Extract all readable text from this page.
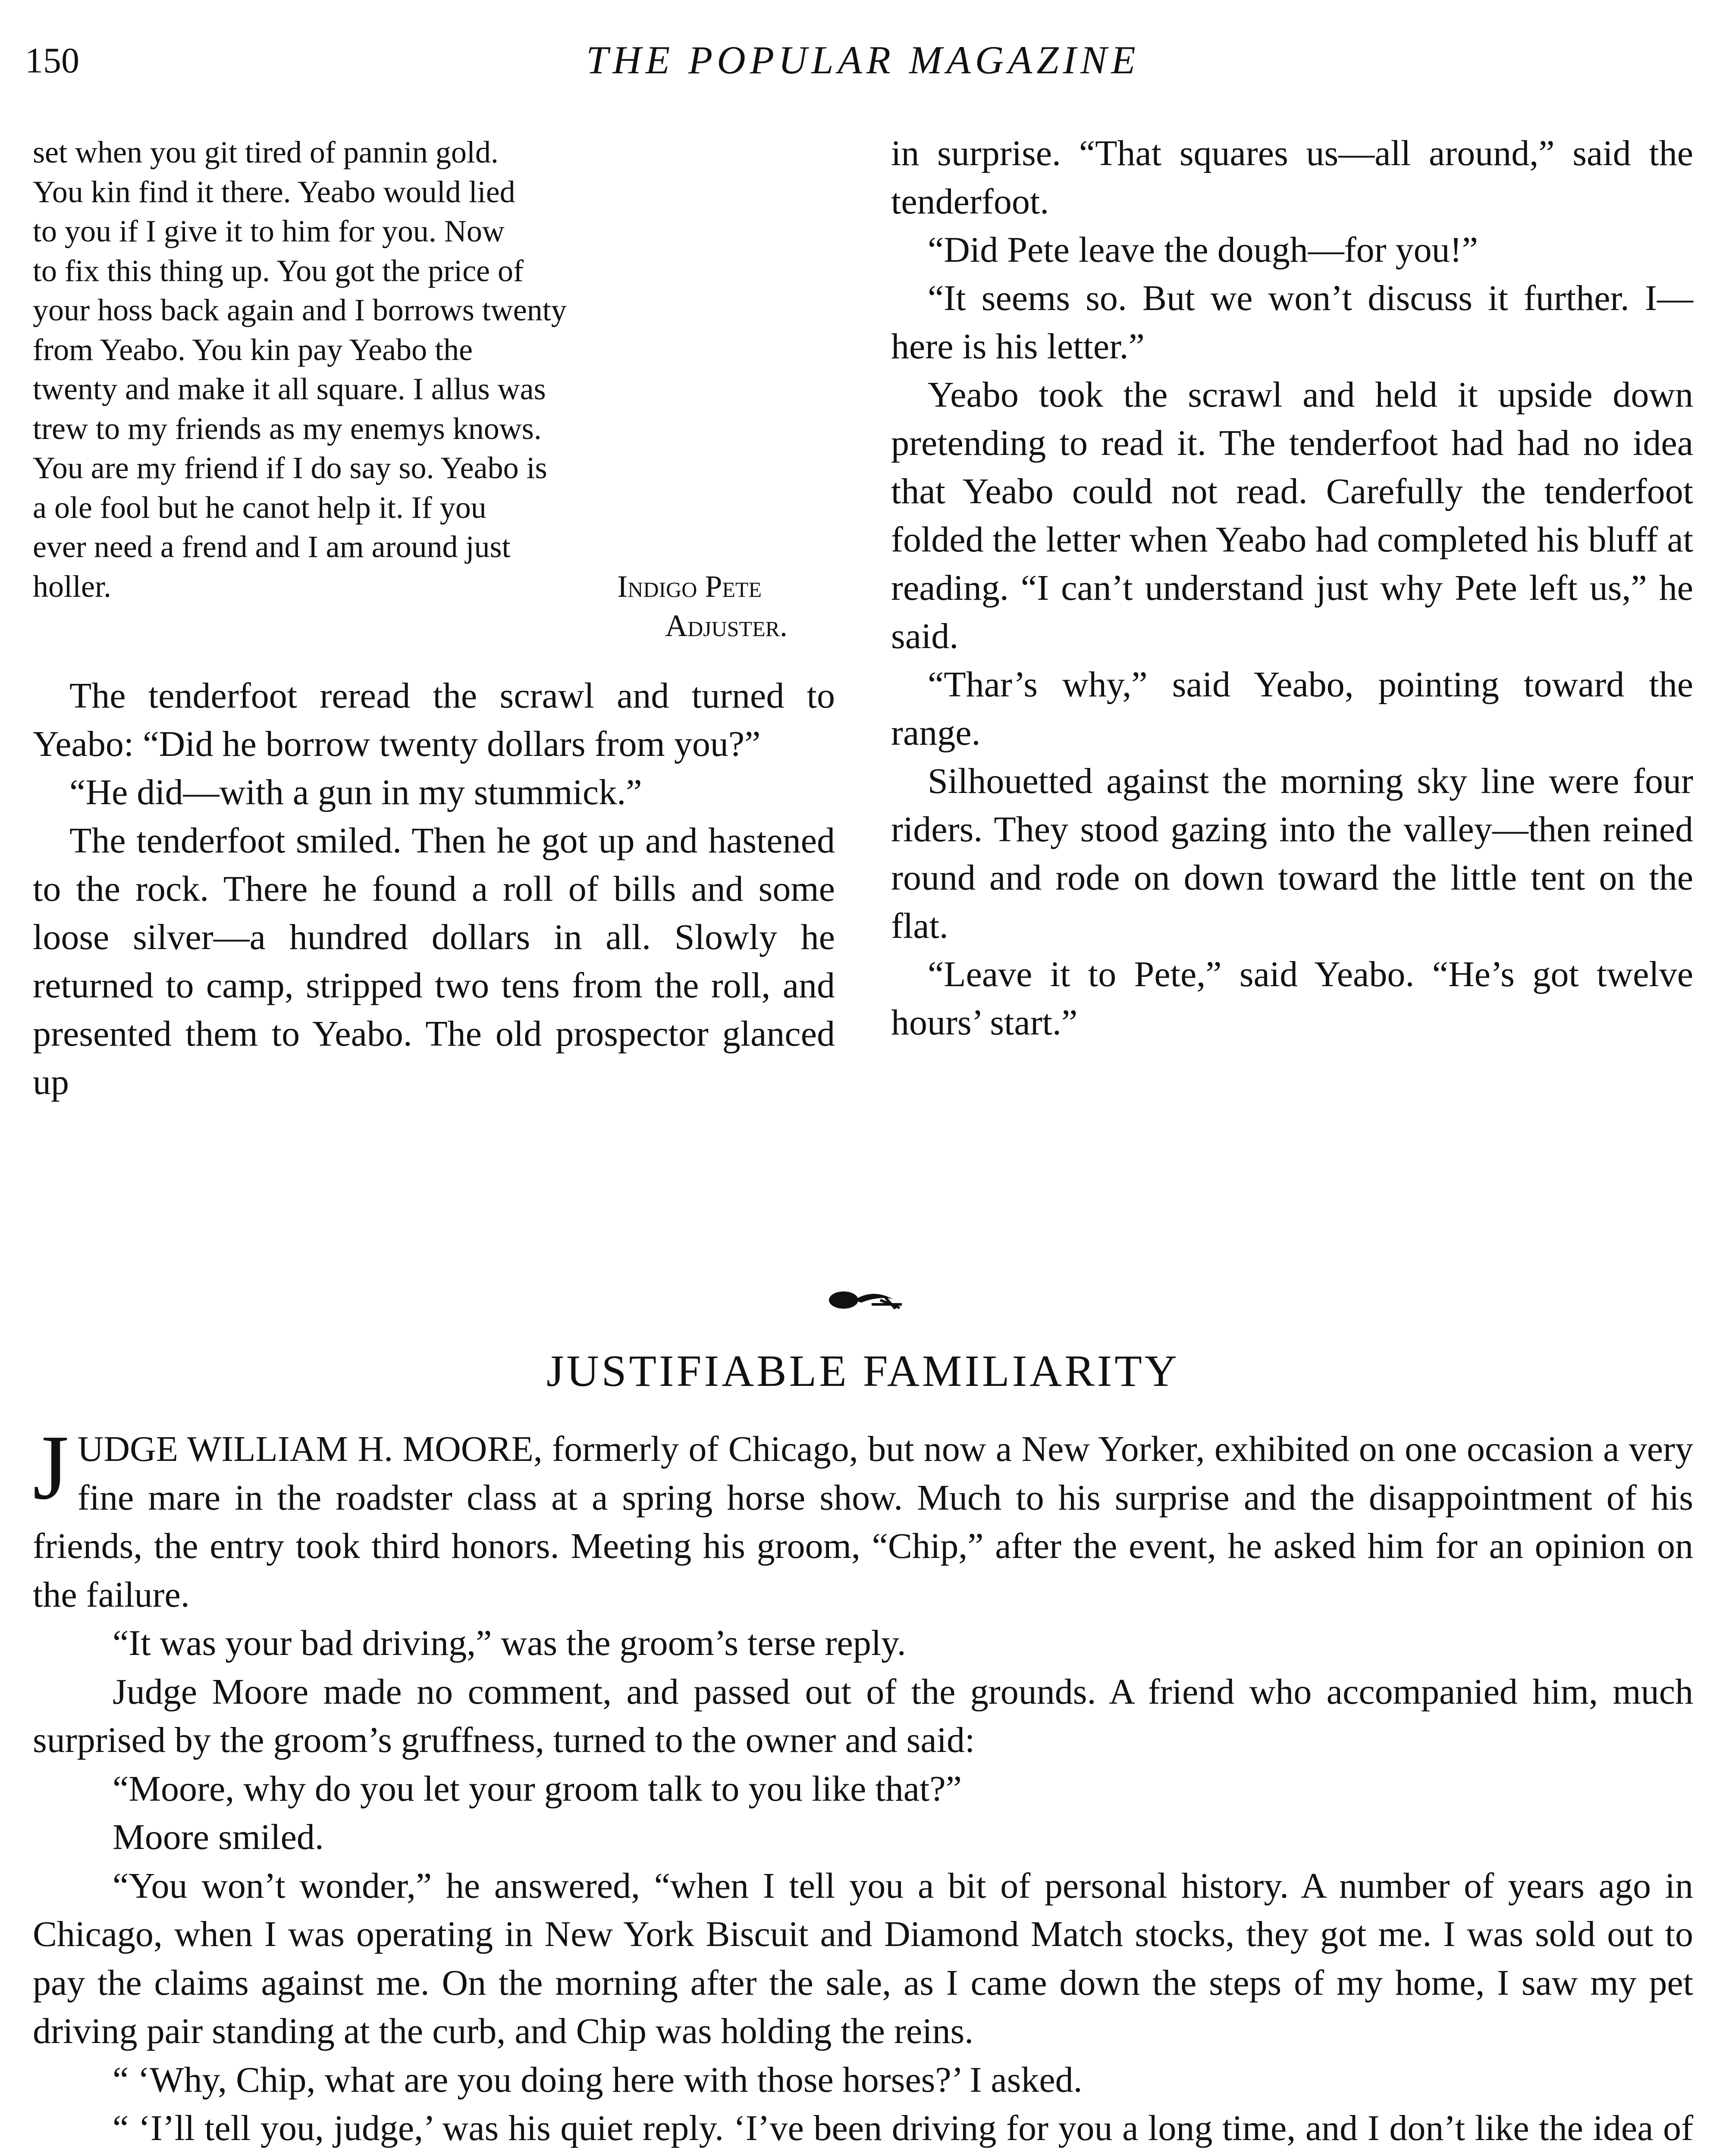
150	THE POPULAR MAGAZINE

set when you git tired of pannin gold.

You kin find it there. Yeabo would lied

to you if I give it to him for you. Now

to fix this thing up. You got the price of

your hoss back again and I borrows twenty

from Yeabo. You kin pay Yeabo the

twenty and make it all square. I allus was

trew to my friends as my enemys knows.

You are my friend if I do say so. Yeabo is

a ole fool but he canot help it. If you

ever need a frend and I am around just

holler.	Indigo Pete
Adjuster.

The tenderfoot reread the scrawl and turned to Yeabo: “Did he borrow twenty dollars from you?”

“He did—with a gun in my stummick.”

The tenderfoot smiled. Then he got up and hastened to the rock. There he found a roll of bills and some loose silver—a hundred dollars in all. Slowly he returned to camp, stripped two tens from the roll, and presented them to Yeabo. The old prospector glanced up

in surprise. “That squares us—all around,” said the tenderfoot.

“Did Pete leave the dough—for you!”

“It seems so. But we won’t discuss it further. I—here is his letter.”

Yeabo took the scrawl and held it upside down pretending to read it. The tenderfoot had had no idea that Yeabo could not read. Carefully the tenderfoot folded the letter when Yeabo had completed his bluff at reading. “I can’t understand just why Pete left us,” he said.

“Thar’s why,” said Yeabo, pointing toward the range.

Silhouetted against the morning sky line were four riders. They stood gazing into the valley—then reined round and rode on down toward the little tent on the flat.

“Leave it to Pete,” said Yeabo. “He’s got twelve hours’ start.”

JUSTIFIABLE FAMILIARITY

JUDGE WILLIAM H. MOORE, formerly of Chicago, but now a New Yorker, exhibited on one occasion a very fine mare in the roadster class at a spring horse show. Much to his surprise and the disappointment of his friends, the entry took third honors. Meeting his groom, “Chip,” after the event, he asked him for an opinion on the failure.

“It was your bad driving,” was the groom’s terse reply.

Judge Moore made no comment, and passed out of the grounds. A friend who accompanied him, much surprised by the groom’s gruffness, turned to the owner and said:

“Moore, why do you let your groom talk to you like that?”

Moore smiled.

“You won’t wonder,” he answered, “when I tell you a bit of personal history. A number of years ago in Chicago, when I was operating in New York Biscuit and Diamond Match stocks, they got me. I was sold out to pay the claims against me. On the morning after the sale, as I came down the steps of my home, I saw my pet driving pair standing at the curb, and Chip was holding the reins.

“ ‘Why, Chip, what are you doing here with those horses?’ I asked.

“ ‘I’ll tell you, judge,’ was his quiet reply. ‘I’ve been driving for you a long time, and I don’t like the idea of
